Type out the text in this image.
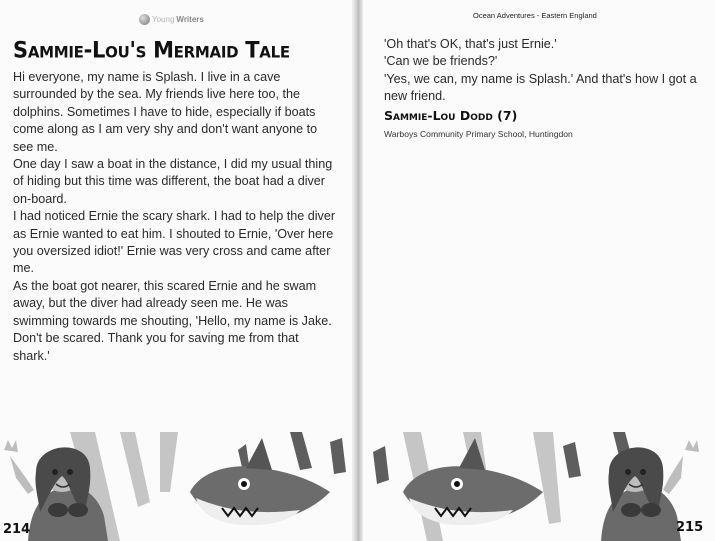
Young Writers
Sammie-Lou's Mermaid Tale

Hi everyone, my name is Splash. I live in a cave surrounded by the sea. My friends live here too, the dolphins. Sometimes I have to hide, especially if boats come along as I am very shy and don't want anyone to see me.

One day I saw a boat in the distance, I did my usual thing of hiding but this time was different, the boat had a diver on-board.

I had noticed Ernie the scary shark. I had to help the diver as Ernie wanted to eat him. I shouted to Ernie, 'Over here you oversized idiot!' Ernie was very cross and came after me.

As the boat got nearer, this scared Ernie and he swam away, but the diver had already seen me. He was swimming towards me shouting, 'Hello, my name is Jake. Don't be scared. Thank you for saving me from that shark.'

214
Ocean Adventures - Eastern England

'Oh that's OK, that's just Ernie.'

'Can we be friends?'

'Yes, we can, my name is Splash.' And that's how I got a new friend.

Sammie-Lou Dodd (7)
Warboys Community Primary School, Huntingdon
215
